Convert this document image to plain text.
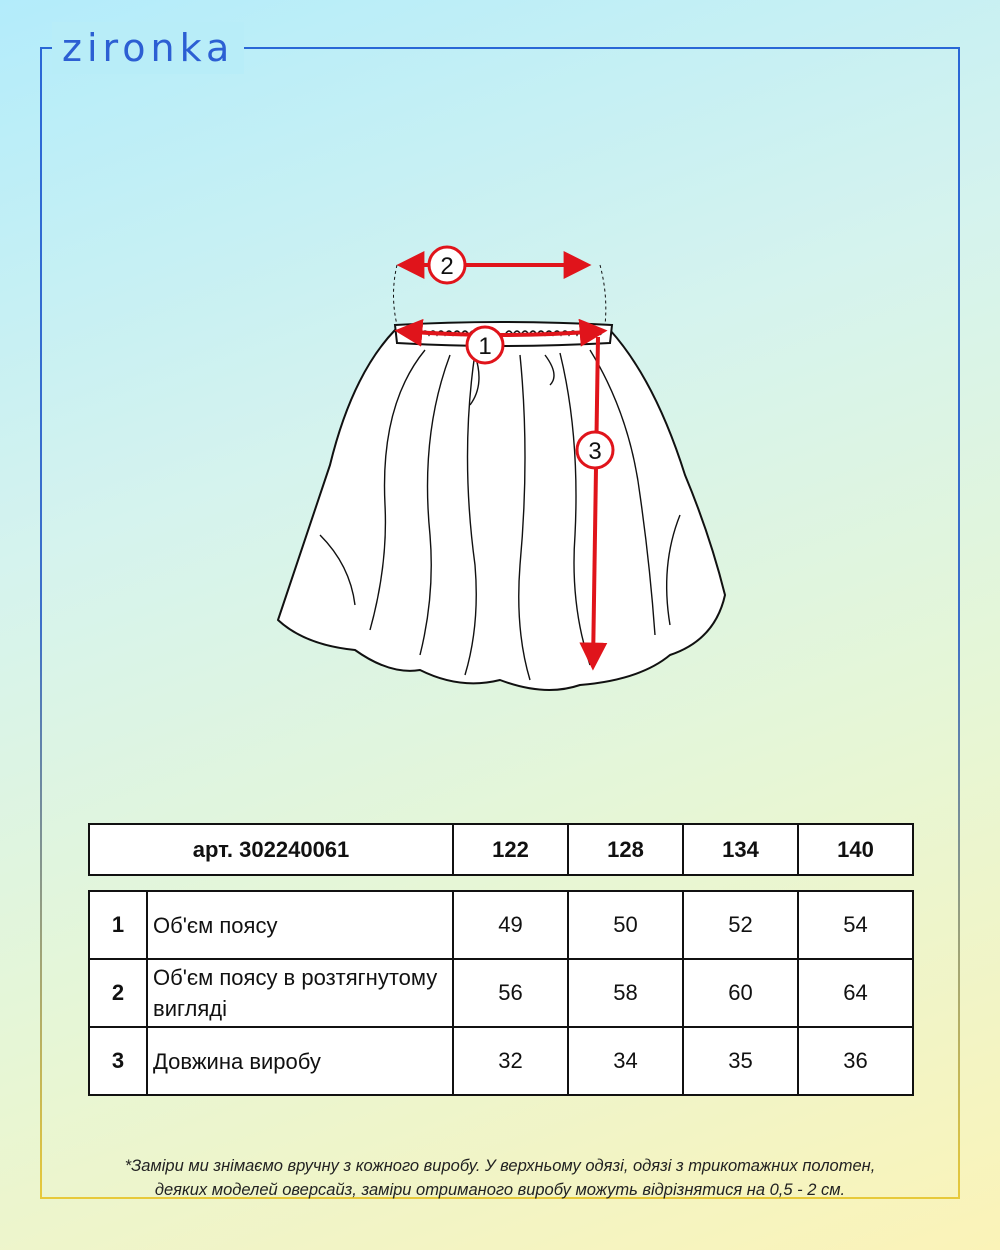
zironka
2
1
3
арт. 302240061	122	128	134	140
1	Об'єм поясу	49	50	52	54
2	Об'єм поясу в розтягнутому вигляді	56	58	60	64
3	Довжина виробу	32	34	35	36
*Заміри ми знімаємо вручну з кожного виробу. У верхньому одязі, одязі з трикотажних полотен,
деяких моделей оверсайз, заміри отриманого виробу можуть відрізнятися на 0,5 - 2 см.
